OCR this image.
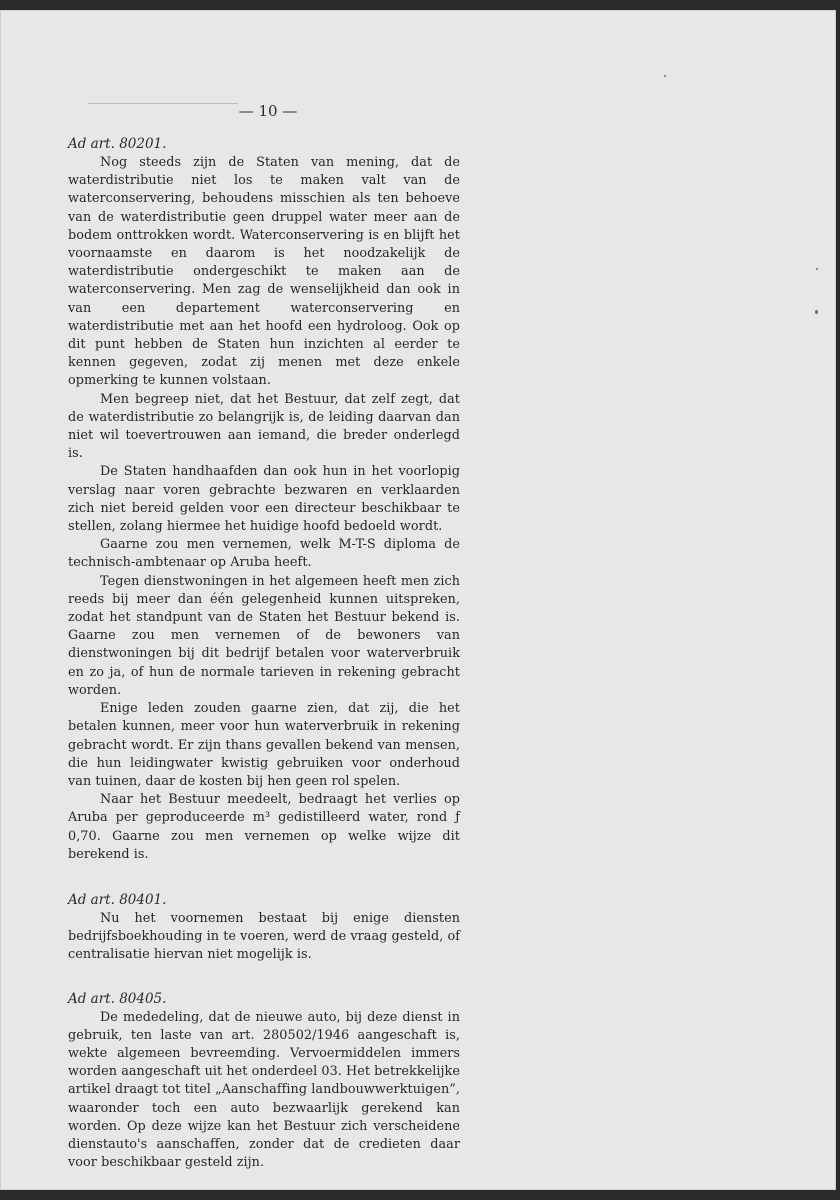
— 10 —

Ad art. 80201.

Nog steeds zijn de Staten van mening, dat de waterdistributie niet los te maken valt van de waterconservering, behoudens misschien als ten behoeve van de waterdistributie geen druppel water meer aan de bodem onttrokken wordt. Waterconservering is en blijft het voornaamste en daarom is het noodzakelijk de waterdistributie ondergeschikt te maken aan de waterconservering. Men zag de wenselijkheid dan ook in van een departement waterconservering en waterdistributie met aan het hoofd een hydroloog. Ook op dit punt hebben de Staten hun inzichten al eerder te kennen gegeven, zodat zij menen met deze enkele opmerking te kunnen volstaan.

Men begreep niet, dat het Bestuur, dat zelf zegt, dat de waterdistributie zo belangrijk is, de leiding daarvan dan niet wil toevertrouwen aan iemand, die breder onderlegd is.

De Staten handhaafden dan ook hun in het voorlopig verslag naar voren gebrachte bezwaren en verklaarden zich niet bereid gelden voor een directeur beschikbaar te stellen, zolang hiermee het huidige hoofd bedoeld wordt.

Gaarne zou men vernemen, welk M-T-S diploma de technisch-ambtenaar op Aruba heeft.

Tegen dienstwoningen in het algemeen heeft men zich reeds bij meer dan één gelegenheid kunnen uitspreken, zodat het standpunt van de Staten het Bestuur bekend is. Gaarne zou men vernemen of de bewoners van dienstwoningen bij dit bedrijf betalen voor waterverbruik en zo ja, of hun de normale tarieven in rekening gebracht worden.

Enige leden zouden gaarne zien, dat zij, die het betalen kunnen, meer voor hun waterverbruik in rekening gebracht wordt. Er zijn thans gevallen bekend van mensen, die hun leidingwater kwistig gebruiken voor onderhoud van tuinen, daar de kosten bij hen geen rol spelen.

Naar het Bestuur meedeelt, bedraagt het verlies op Aruba per geproduceerde m³ gedistilleerd water, rond ƒ 0,70. Gaarne zou men vernemen op welke wijze dit berekend is.

Ad art. 80401.

Nu het voornemen bestaat bij enige diensten bedrijfsboekhouding in te voeren, werd de vraag gesteld, of centralisatie hiervan niet mogelijk is.

Ad art. 80405.

De mededeling, dat de nieuwe auto, bij deze dienst in gebruik, ten laste van art. 280502/1946 aangeschaft is, wekte algemeen bevreemding. Vervoermiddelen immers worden aangeschaft uit het onderdeel 03. Het betrekkelijke artikel draagt tot titel „Aanschaffing landbouwwerktuigen”, waaronder toch een auto bezwaarlijk gerekend kan worden. Op deze wijze kan het Bestuur zich verscheidene dienstauto's aanschaffen, zonder dat de credieten daar voor beschikbaar gesteld zijn.
